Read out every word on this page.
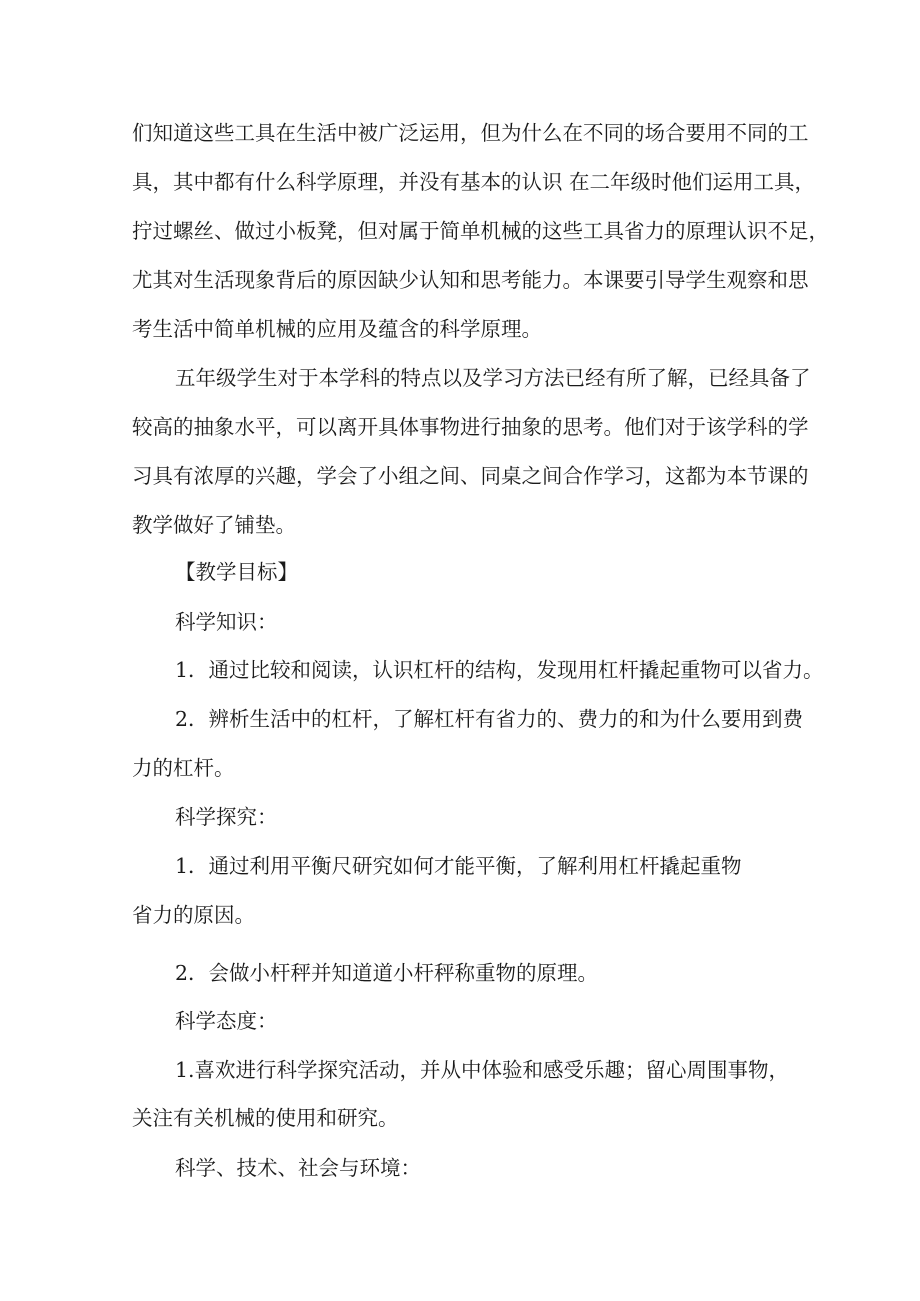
们知道这些工具在生活中被广泛运用，但为什么在不同的场合要用不同的工
具，其中都有什么科学原理，并没有基本的认识 在二年级时他们运用工具，
拧过螺丝、做过小板凳，但对属于简单机械的这些工具省力的原理认识不足，
尤其对生活现象背后的原因缺少认知和思考能力。本课要引导学生观察和思
考生活中简单机械的应用及蕴含的科学原理。
五年级学生对于本学科的特点以及学习方法已经有所了解，已经具备了
较高的抽象水平，可以离开具体事物进行抽象的思考。他们对于该学科的学
习具有浓厚的兴趣，学会了小组之间、同桌之间合作学习，这都为本节课的
教学做好了铺垫。
【教学目标】
科学知识：
1．通过比较和阅读，认识杠杆的结构，发现用杠杆撬起重物可以省力。
2．辨析生活中的杠杆，了解杠杆有省力的、费力的和为什么要用到费
力的杠杆。
科学探究：
1．通过利用平衡尺研究如何才能平衡，了解利用杠杆撬起重物
省力的原因。
2．会做小杆秤并知道道小杆秤称重物的原理。
科学态度：
1.喜欢进行科学探究活动，并从中体验和感受乐趣；留心周围事物，
关注有关机械的使用和研究。
科学、技术、社会与环境：
